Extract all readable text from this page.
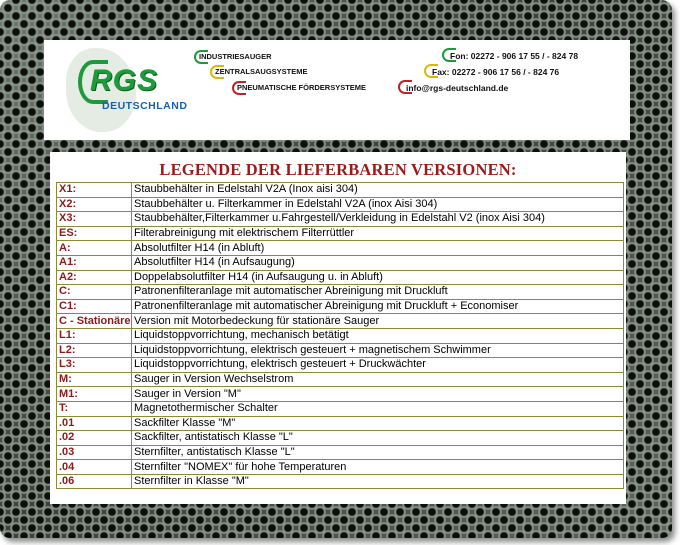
RGS
DEUTSCHLAND
INDUSTRIESAUGER
ZENTRALSAUGSYSTEME
PNEUMATISCHE FÖRDERSYSTEME
Fon: 02272 - 906 17 55 / - 824 78
Fax: 02272 - 906 17 56 / - 824 76
info@rgs-deutschland.de
LEGENDE DER LIEFERBAREN VERSIONEN:
X1:	Staubbehälter in Edelstahl V2A (Inox aisi 304)
X2:	Staubbehälter u. Filterkammer in Edelstahl V2A (inox Aisi 304)
X3:	Staubbehälter,Filterkammer u.Fahrgestell/Verkleidung in Edelstahl V2 (inox Aisi 304)
ES:	Filterabreinigung mit elektrischem Filterrüttler
A:	Absolutfilter H14 (in Abluft)
A1:	Absolutfilter H14 (in Aufsaugung)
A2:	Doppelabsolutfilter H14 (in Aufsaugung u. in Abluft)
C:	Patronenfilteranlage mit automatischer Abreinigung mit Druckluft
C1:	Patronenfilteranlage mit automatischer Abreinigung mit Druckluft + Economiser
C - Stationäre	Version mit Motorbedeckung für stationäre Sauger
L1:	Liquidstoppvorrichtung, mechanisch betätigt
L2:	Liquidstoppvorrichtung, elektrisch gesteuert + magnetischem Schwimmer
L3:	Liquidstoppvorrichtung, elektrisch gesteuert + Druckwächter
M:	Sauger in Version Wechselstrom
M1:	Sauger in Version "M"
T:	Magnetothermischer Schalter
.01	Sackfilter Klasse "M"
.02	Sackfilter, antistatisch Klasse "L"
.03	Sternfilter, antistatisch Klasse "L"
.04	Sternfilter "NOMEX" für hohe Temperaturen
.06	Sternfilter in Klasse "M"
